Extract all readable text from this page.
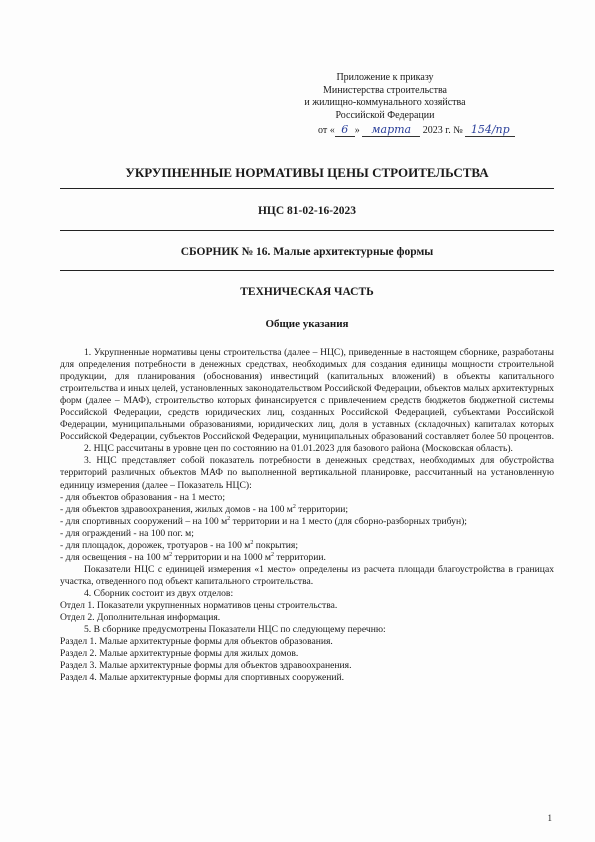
Приложение к приказу
Министерства строительства
и жилищно-коммунального хозяйства
Российской Федерации
от « 6 » марта 2023 г. № 154/пр
УКРУПНЕННЫЕ НОРМАТИВЫ ЦЕНЫ СТРОИТЕЛЬСТВА
НЦС 81-02-16-2023
СБОРНИК № 16. Малые архитектурные формы
ТЕХНИЧЕСКАЯ ЧАСТЬ
Общие указания

1. Укрупненные нормативы цены строительства (далее – НЦС), приведенные в настоящем сборнике, разработаны для определения потребности в денежных средствах, необходимых для создания единицы мощности строительной продукции, для планирования (обоснования) инвестиций (капитальных вложений) в объекты капитального строительства и иных целей, установленных законодательством Российской Федерации, объектов малых архитектурных форм (далее – МАФ), строительство которых финансируется с привлечением средств бюджетов бюджетной системы Российской Федерации, средств юридических лиц, созданных Российской Федерацией, субъектами Российской Федерации, муниципальными образованиями, юридических лиц, доля в уставных (складочных) капиталах которых Российской Федерации, субъектов Российской Федерации, муниципальных образований составляет более 50 процентов.

2. НЦС рассчитаны в уровне цен по состоянию на 01.01.2023 для базового района (Московская область).

3. НЦС представляет собой показатель потребности в денежных средствах, необходимых для обустройства территорий различных объектов МАФ по выполненной вертикальной планировке, рассчитанный на установленную единицу измерения (далее – Показатель НЦС):

- для объектов образования - на 1 место;

- для объектов здравоохранения, жилых домов - на 100 $м^2$ территории;

- для спортивных сооружений – на 100 $м^2$ территории и на 1 место (для сборно-разборных трибун);

- для ограждений - на 100 пог. м;

- для площадок, дорожек, тротуаров - на 100 $м^2$ покрытия;

- для освещения - на 100 $м^2$ территории и на 1000 $м^2$ территории.

Показатели НЦС с единицей измерения «1 место» определены из расчета площади благоустройства в границах участка, отведенного под объект капитального строительства.

4. Сборник состоит из двух отделов:

Отдел 1. Показатели укрупненных нормативов цены строительства.

Отдел 2. Дополнительная информация.

5. В сборнике предусмотрены Показатели НЦС по следующему перечню:

Раздел 1. Малые архитектурные формы для объектов образования.

Раздел 2. Малые архитектурные формы для жилых домов.

Раздел 3. Малые архитектурные формы для объектов здравоохранения.

Раздел 4. Малые архитектурные формы для спортивных сооружений.

1
